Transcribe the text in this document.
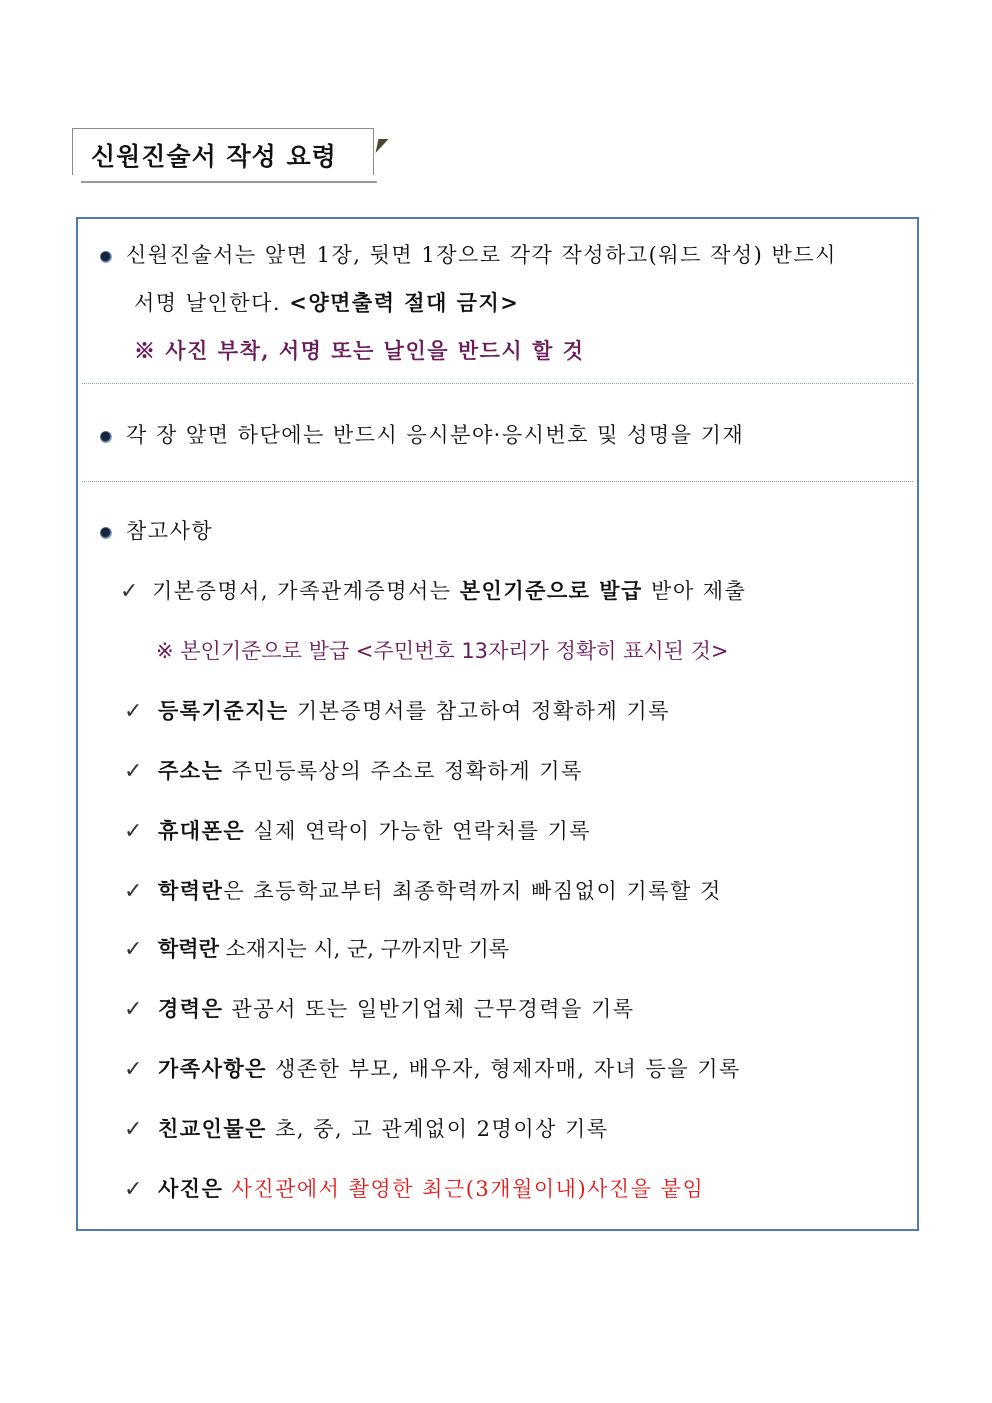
신원진술서 작성 요령
신원진술서는 앞면 1장, 뒷면 1장으로 각각 작성하고(워드 작성) 반드시
서명 날인한다. <양면출력 절대 금지>
※ 사진 부착, 서명 또는 날인을 반드시 할 것
각 장 앞면 하단에는 반드시 응시분야·응시번호 및 성명을 기재
참고사항
✓ 기본증명서, 가족관계증명서는 본인기준으로 발급 받아 제출
※ 본인기준으로 발급 <주민번호 13자리가 정확히 표시된 것>
✓ 등록기준지는 기본증명서를 참고하여 정확하게 기록
✓ 주소는 주민등록상의 주소로 정확하게 기록
✓ 휴대폰은 실제 연락이 가능한 연락처를 기록
✓ 학력란은 초등학교부터 최종학력까지 빠짐없이 기록할 것
✓ 학력란 소재지는 시, 군, 구까지만 기록
✓ 경력은 관공서 또는 일반기업체 근무경력을 기록
✓ 가족사항은 생존한 부모, 배우자, 형제자매, 자녀 등을 기록
✓ 친교인물은 초, 중, 고 관계없이 2명이상 기록
✓ 사진은 사진관에서 촬영한 최근(3개월이내)사진을 붙임
